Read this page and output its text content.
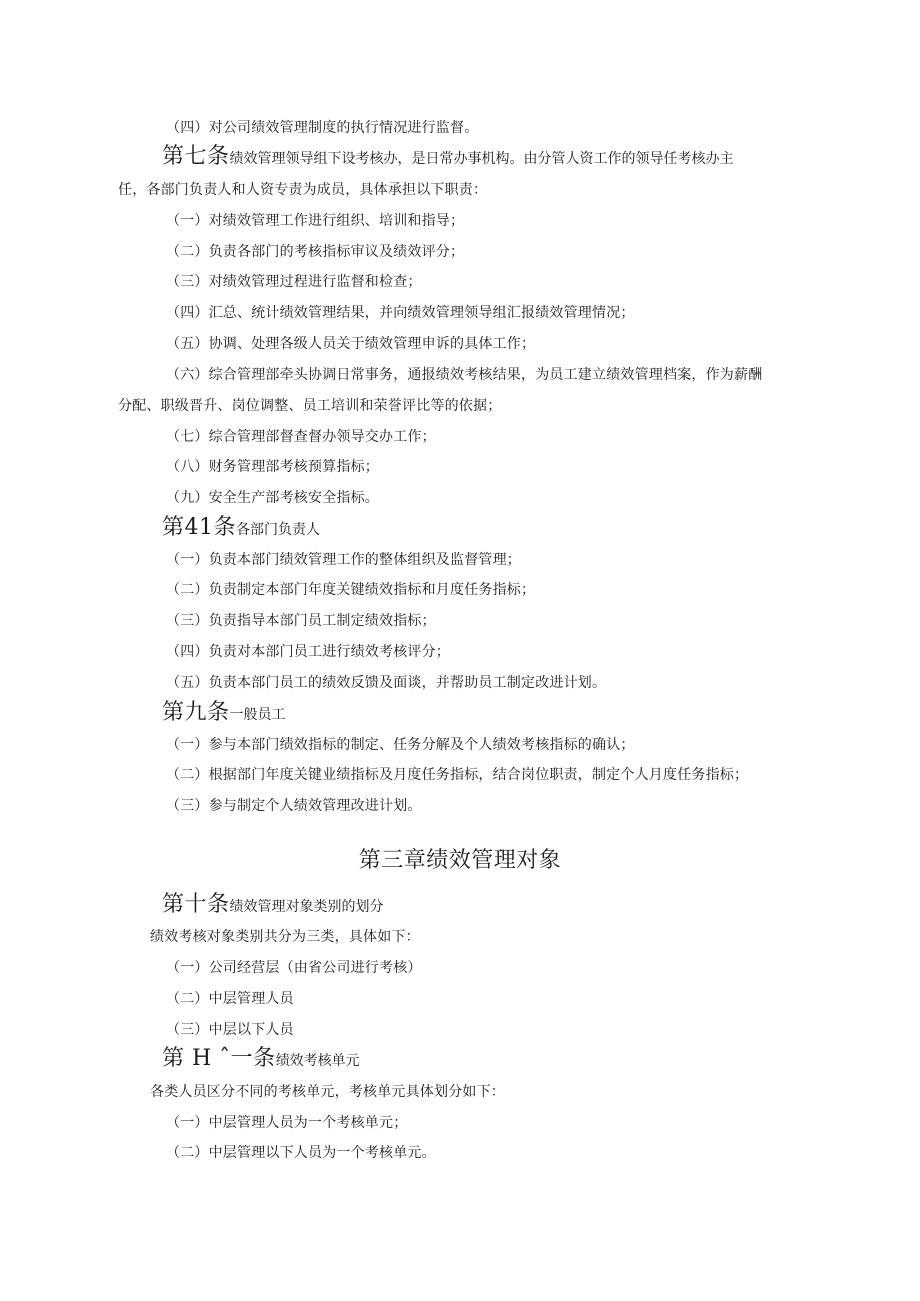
（四）对公司绩效管理制度的执行情况进行监督。
第七条绩效管理领导组下设考核办，是日常办事机构。由分管人资工作的领导任考核办主
任，各部门负责人和人资专责为成员，具体承担以下职责：
（一）对绩效管理工作进行组织、培训和指导；
（二）负责各部门的考核指标审议及绩效评分；
（三）对绩效管理过程进行监督和检查；
（四）汇总、统计绩效管理结果，并向绩效管理领导组汇报绩效管理情况；
（五）协调、处理各级人员关于绩效管理申诉的具体工作；
（六）综合管理部牵头协调日常事务，通报绩效考核结果，为员工建立绩效管理档案，作为薪酬
分配、职级晋升、岗位调整、员工培训和荣誉评比等的依据；
（七）综合管理部督查督办领导交办工作；
（八）财务管理部考核预算指标；
（九）安全生产部考核安全指标。
第41条各部门负责人
（一）负责本部门绩效管理工作的整体组织及监督管理；
（二）负责制定本部门年度关键绩效指标和月度任务指标；
（三）负责指导本部门员工制定绩效指标；
（四）负责对本部门员工进行绩效考核评分；
（五）负责本部门员工的绩效反馈及面谈，并帮助员工制定改进计划。
第九条一般员工
（一）参与本部门绩效指标的制定、任务分解及个人绩效考核指标的确认；
（二）根据部门年度关键业绩指标及月度任务指标，结合岗位职责，制定个人月度任务指标；
（三）参与制定个人绩效管理改进计划。
第三章绩效管理对象
第十条绩效管理对象类别的划分
绩效考核对象类别共分为三类，具体如下：
（一）公司经营层（由省公司进行考核）
（二）中层管理人员
（三）中层以下人员
第 H ˆ一条绩效考核单元
各类人员区分不同的考核单元，考核单元具体划分如下：
（一）中层管理人员为一个考核单元；
（二）中层管理以下人员为一个考核单元。
